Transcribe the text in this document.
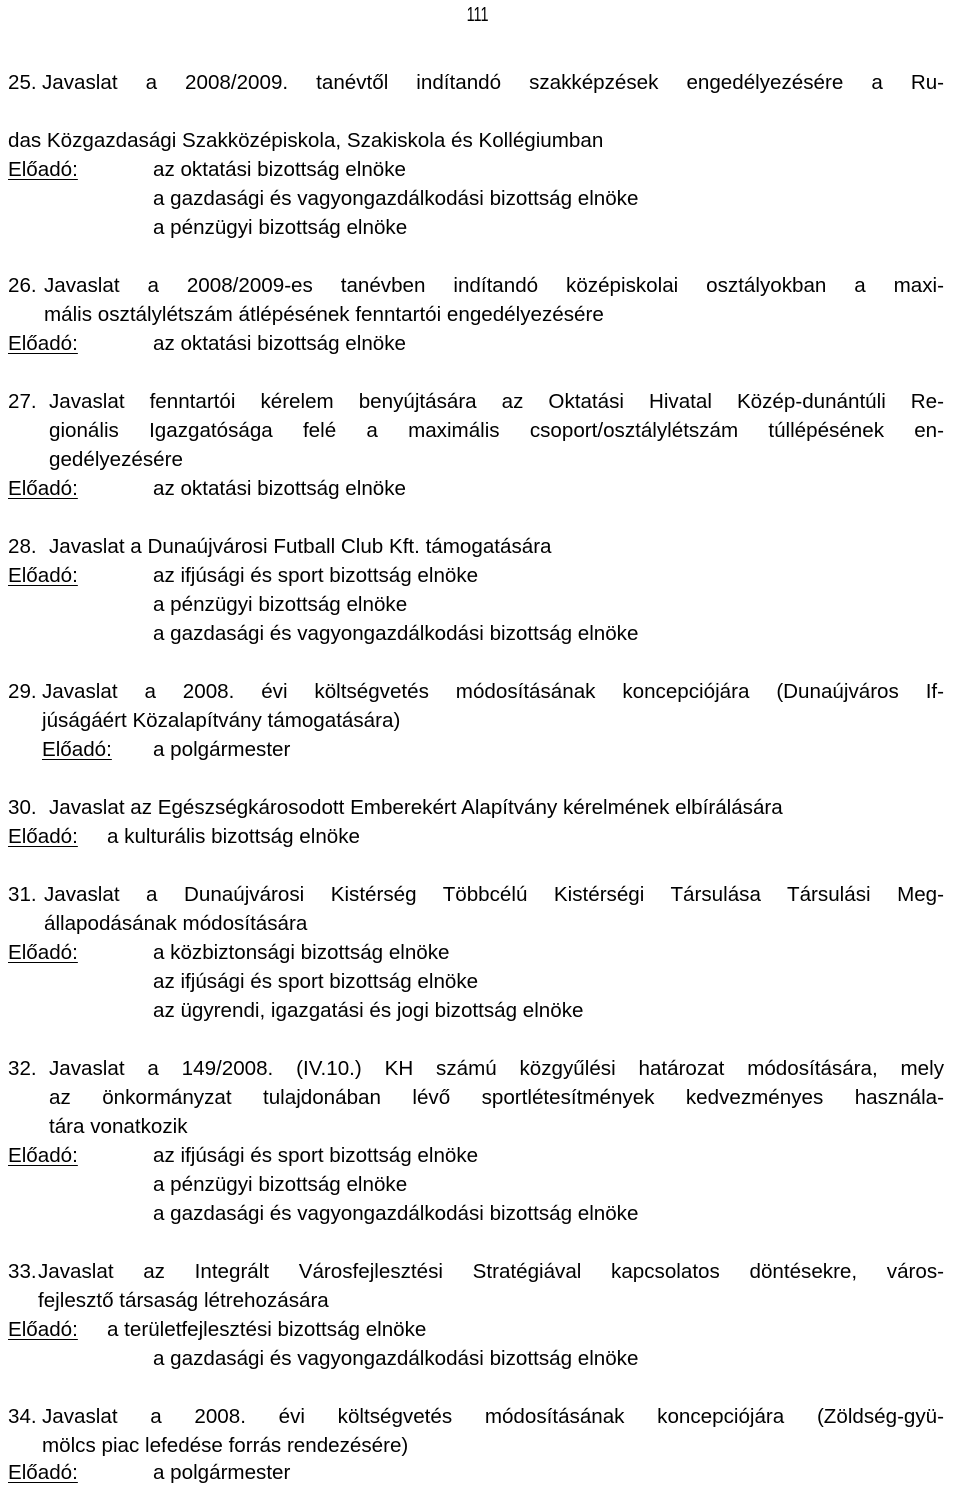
111
25. Javaslat a 2008/2009. tanévtől indítandó szakképzések engedélyezésére a Ru-
das Közgazdasági Szakközépiskola, Szakiskola és Kollégiumban
Előadó:	az oktatási bizottság elnöke
a gazdasági és vagyongazdálkodási bizottság elnöke
a pénzügyi bizottság elnöke
26. Javaslat a 2008/2009-es tanévben indítandó középiskolai osztályokban a maxi-
mális osztálylétszám átlépésének fenntartói engedélyezésére
Előadó:	az oktatási bizottság elnöke
27. Javaslat fenntartói kérelem benyújtására az Oktatási Hivatal Közép-dunántúli Re-
gionális Igazgatósága felé a maximális csoport/osztálylétszám túllépésének en-
gedélyezésére
Előadó:	az oktatási bizottság elnöke
28. Javaslat a Dunaújvárosi Futball Club Kft. támogatására
Előadó:	az ifjúsági és sport bizottság elnöke
a pénzügyi bizottság elnöke
a gazdasági és vagyongazdálkodási bizottság elnöke
29. Javaslat a 2008. évi költségvetés módosításának koncepciójára (Dunaújváros If-
júságáért Közalapítvány támogatására)
Előadó: a polgármester
30. Javaslat az Egészségkárosodott Emberekért Alapítvány kérelmének elbírálására
Előadó: a kulturális bizottság elnöke
31. Javaslat a Dunaújvárosi Kistérség Többcélú Kistérségi Társulása Társulási Meg-
állapodásának módosítására
Előadó:	a közbiztonsági bizottság elnöke
az ifjúsági és sport bizottság elnöke
az ügyrendi, igazgatási és jogi bizottság elnöke
32. Javaslat a 149/2008. (IV.10.) KH számú közgyűlési határozat módosítására, mely
az önkormányzat tulajdonában lévő sportlétesítmények kedvezményes használa-
tára vonatkozik
Előadó:	az ifjúsági és sport bizottság elnöke
a pénzügyi bizottság elnöke
a gazdasági és vagyongazdálkodási bizottság elnöke
33. Javaslat az Integrált Városfejlesztési Stratégiával kapcsolatos döntésekre, város-
fejlesztő társaság létrehozására
Előadó: a területfejlesztési bizottság elnöke
a gazdasági és vagyongazdálkodási bizottság elnöke
34. Javaslat a 2008. évi költségvetés módosításának koncepciójára (Zöldség-gyü-
mölcs piac lefedése forrás rendezésére)
Előadó:	a polgármester
